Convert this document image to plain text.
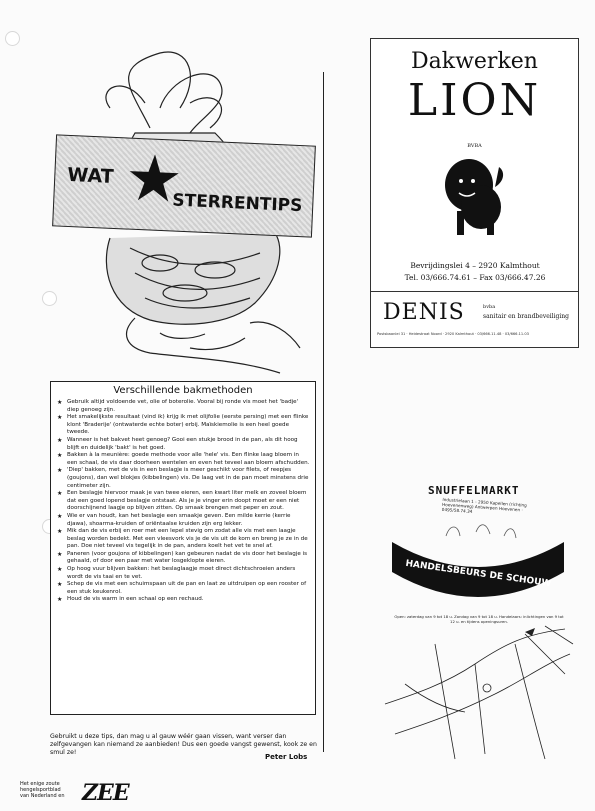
WAT ★
STERRENTIPS
Verschillende bakmethoden
★ Gebruik altijd voldoende vet, olie of boterolie. Vooral bij ronde vis moet het 'badje' diep genoeg zijn.
★ Het smakelijkste resultaat (vind ik) krijg ik met olijfolie (eerste persing) met een flinke klont 'Braderije' (ontwaterde echte boter) erbij. Maïskiemolie is een heel goede tweede.
★ Wanneer is het bakvet heet genoeg? Gooi een stukje brood in de pan, als dit hoog blijft en duidelijk 'bakt' is het goed.
★ Bakken à la meunière: goede methode voor alle 'hele' vis. Een flinke laag bloem in een schaal, de vis daar doorheen wentelen en even het teveel aan bloem afschudden.
★ 'Diep' bakken, met de vis in een beslagje is meer geschikt voor filets, of reepjes (goujons), dan wel blokjes (kibbelingen) vis. De laag vet in de pan moet minstens drie centimeter zijn.
★ Een beslagje hiervoor maak je van twee eieren, een kwart liter melk en zoveel bloem dat een goed lopend beslagje ontstaat. Als je je vinger erin doopt moet er een niet doorschijnend laagje op blijven zitten. Op smaak brengen met peper en zout.
★ Wie er van houdt, kan het beslagje een smaakje geven. Een milde kerrie (kerrie djawa), shoarma-kruiden of oriëntaalse kruiden zijn erg lekker.
★ Mik dan de vis erbij en roer met een lepel stevig om zodat alle vis met een laagje beslag worden bedekt. Met een vleesvork vis je de vis uit de kom en breng je ze in de pan. Doe niet teveel vis tegelijk in de pan, anders koelt het vet te snel af.
★ Paneren (voor goujons of kibbelingen) kan gebeuren nadat de vis door het beslagje is gehaald, of door een paar met water losgeklopte eieren.
★ Op hoog vuur blijven bakken: het beslaglaagje moet direct dichtschroeien anders wordt de vis taai en te vet.
★ Schep de vis met een schuimspaan uit de pan en laat ze uitdruipen op een rooster of een stuk keukenrol.
★ Houd de vis warm in een schaal op een rechaud.
Gebruikt u deze tips, dan mag u al gauw wéér gaan vissen, want verser dan zelfgevangen kan niemand ze aanbieden! Dus een goede vangst gewenst, kook ze en smul ze!
Peter Lobs
Het enige zoute hengelsportblad van Nederland en ZEE
Dakwerken
LION
BVBA
Bevrijdingslei 4 – 2920 Kalmthout
Tel. 03/666.74.61 – Fax 03/666.47.26
DENIS	bvba
sanitair en brandbeveiliging
Postsbaanlei 31 · Heidestraat Noord · 2920 Kalmthout · 03/666.11.48 · 03/666.11.03
SNUFFELMARKT
Industrielaan 1 - 2950 Kapellen (richting Hoevenenweg) Antwerpen Hoevenen · 0495/58.74.34
HANDELSBEURS DE SCHOUW
Open: zaterdag van 9 tot 18 u. Zondag van 9 tot 18 u. Handelaars: inlichtingen van 9 tot 12 u. en tijdens openingsuren.
